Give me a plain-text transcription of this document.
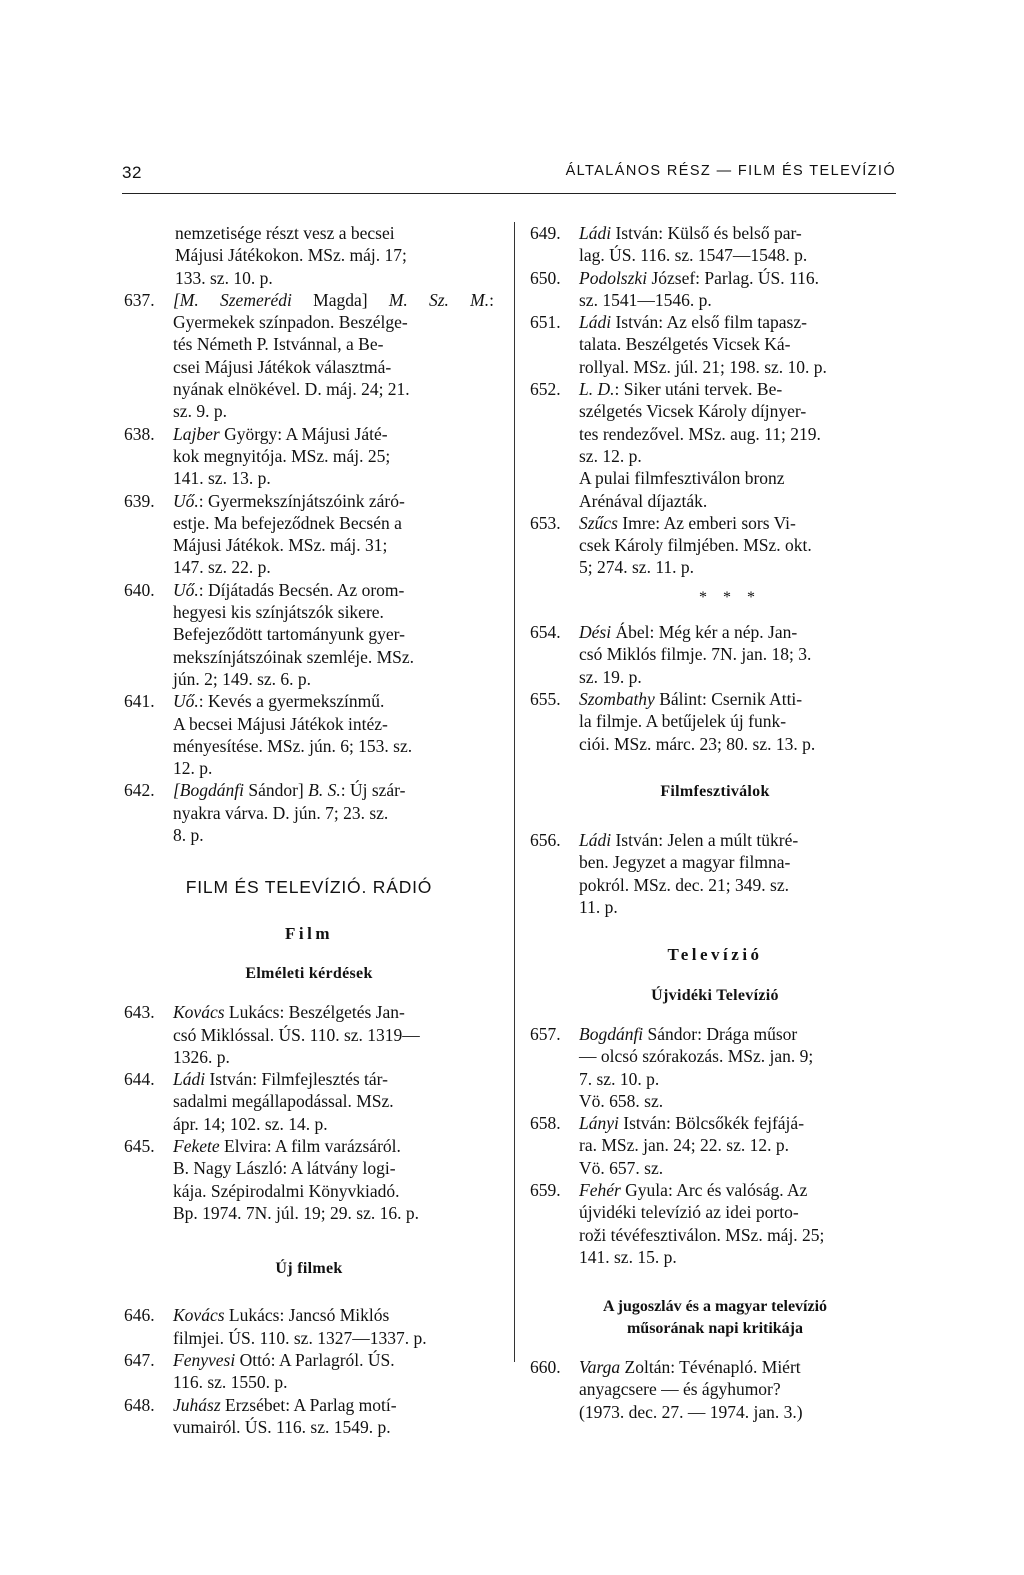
32	ÁLTALÁNOS RÉSZ — FILM ÉS TELEVÍZIÓ
nemzetisége részt vesz a becsei
Májusi Játékokon. MSz. máj. 17;
133. sz. 10. p.
637.	[M. Szemerédi Magda] M. Sz. M.: Gyermekek színpadon. Beszélge-
tés Németh P. Istvánnal, a Be-
csei Májusi Játékok választmá-
nyának elnökével. D. máj. 24; 21.
sz. 9. p.
638.	Lajber György: A Májusi Játé-
kok megnyitója. MSz. máj. 25;
141. sz. 13. p.
639.	Uő.: Gyermekszínjátszóink záró-
estje. Ma befejeződnek Becsén a
Májusi Játékok. MSz. máj. 31;
147. sz. 22. p.
640.	Uő.: Díjátadás Becsén. Az orom-
hegyesi kis színjátszók sikere.
Befejeződött tartományunk gyer-
mekszínjátszóinak szemléje. MSz.
jún. 2; 149. sz. 6. p.
641.	Uő.: Kevés a gyermekszínmű.
A becsei Májusi Játékok intéz-
ményesítése. MSz. jún. 6; 153. sz.
12. p.
642.	[Bogdánfi Sándor] B. S.: Új szár-
nyakra várva. D. jún. 7; 23. sz.
8. p.
FILM ÉS TELEVÍZIÓ. RÁDIÓ
Film
Elméleti kérdések
643.	Kovács Lukács: Beszélgetés Jan-
csó Miklóssal. ÚS. 110. sz. 1319—
1326. p.
644.	Ládi István: Filmfejlesztés tár-
sadalmi megállapodással. MSz.
ápr. 14; 102. sz. 14. p.
645.	Fekete Elvira: A film varázsáról.
B. Nagy László: A látvány logi-
kája. Szépirodalmi Könyvkiadó.
Bp. 1974. 7N. júl. 19; 29. sz. 16. p.
Új filmek
646.	Kovács Lukács: Jancsó Miklós
filmjei. ÚS. 110. sz. 1327—1337. p.
647.	Fenyvesi Ottó: A Parlagról. ÚS.
116. sz. 1550. p.
648.	Juhász Erzsébet: A Parlag motí-
vumairól. ÚS. 116. sz. 1549. p.
649.	Ládi István: Külső és belső par-
lag. ÚS. 116. sz. 1547—1548. p.
650.	Podolszki József: Parlag. ÚS. 116.
sz. 1541—1546. p.
651.	Ládi István: Az első film tapasz-
talata. Beszélgetés Vicsek Ká-
rollyal. MSz. júl. 21; 198. sz. 10. p.
652.	L. D.: Siker utáni tervek. Be-
szélgetés Vicsek Károly díjnyer-
tes rendezővel. MSz. aug. 11; 219.
sz. 12. p.
A pulai filmfesztiválon bronz
Arénával díjazták.
653.	Szűcs Imre: Az emberi sors Vi-
csek Károly filmjében. MSz. okt.
5; 274. sz. 11. p.
* * *
654.	Dési Ábel: Még kér a nép. Jan-
csó Miklós filmje. 7N. jan. 18; 3.
sz. 19. p.
655.	Szombathy Bálint: Csernik Atti-
la filmje. A betűjelek új funk-
ciói. MSz. márc. 23; 80. sz. 13. p.
Filmfesztiválok
656.	Ládi István: Jelen a múlt tükré-
ben. Jegyzet a magyar filmna-
pokról. MSz. dec. 21; 349. sz.
11. p.
Televízió
Újvidéki Televízió
657.	Bogdánfi Sándor: Drága műsor
— olcsó szórakozás. MSz. jan. 9;
7. sz. 10. p.
Vö. 658. sz.
658.	Lányi István: Bölcsőkék fejfájá-
ra. MSz. jan. 24; 22. sz. 12. p.
Vö. 657. sz.
659.	Fehér Gyula: Arc és valóság. Az
újvidéki televízió az idei porto-
roži tévéfesztiválon. MSz. máj. 25;
141. sz. 15. p.
A jugoszláv és a magyar televízió
műsorának napi kritikája
660.	Varga Zoltán: Tévénapló. Miért
anyagcsere — és ágyhumor?
(1973. dec. 27. — 1974. jan. 3.)
